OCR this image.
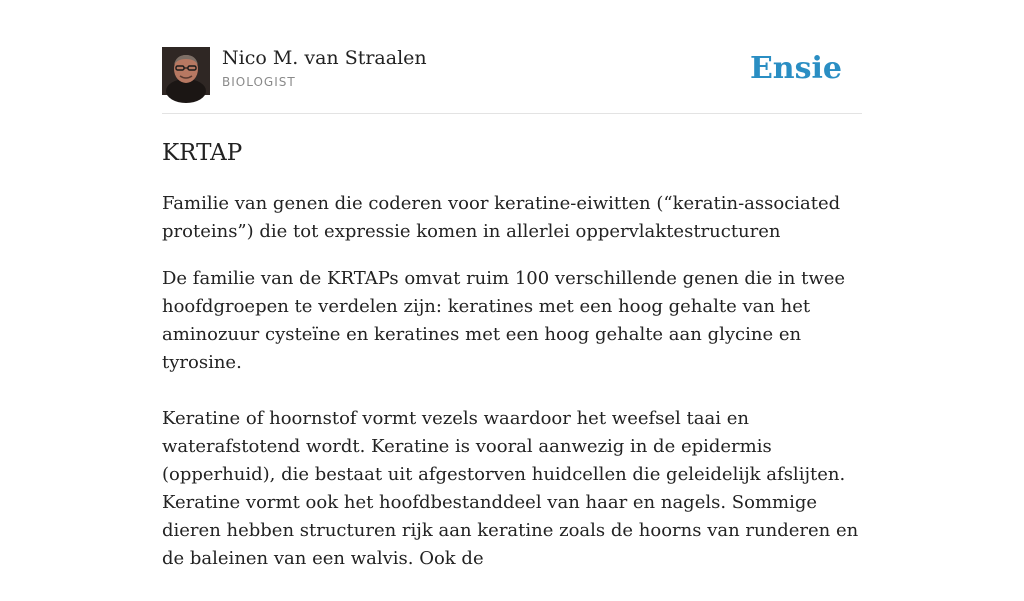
Nico M. van Straalen
BIOLOGIST	Ensie
KRTAP

Familie van genen die coderen voor keratine-eiwitten (“keratin-associated proteins”) die tot expressie komen in allerlei oppervlaktestructuren

De familie van de KRTAPs omvat ruim 100 verschillende genen die in twee hoofdgroepen te verdelen zijn: keratines met een hoog gehalte van het aminozuur cysteïne en keratines met een hoog gehalte aan glycine en tyrosine.

Keratine of hoornstof vormt vezels waardoor het weefsel taai en waterafstotend wordt. Keratine is vooral aanwezig in de epidermis (opperhuid), die bestaat uit afgestorven huidcellen die geleidelijk afslijten. Keratine vormt ook het hoofdbestanddeel van haar en nagels. Sommige dieren hebben structuren rijk aan keratine zoals de hoorns van runderen en de baleinen van een walvis. Ook de
